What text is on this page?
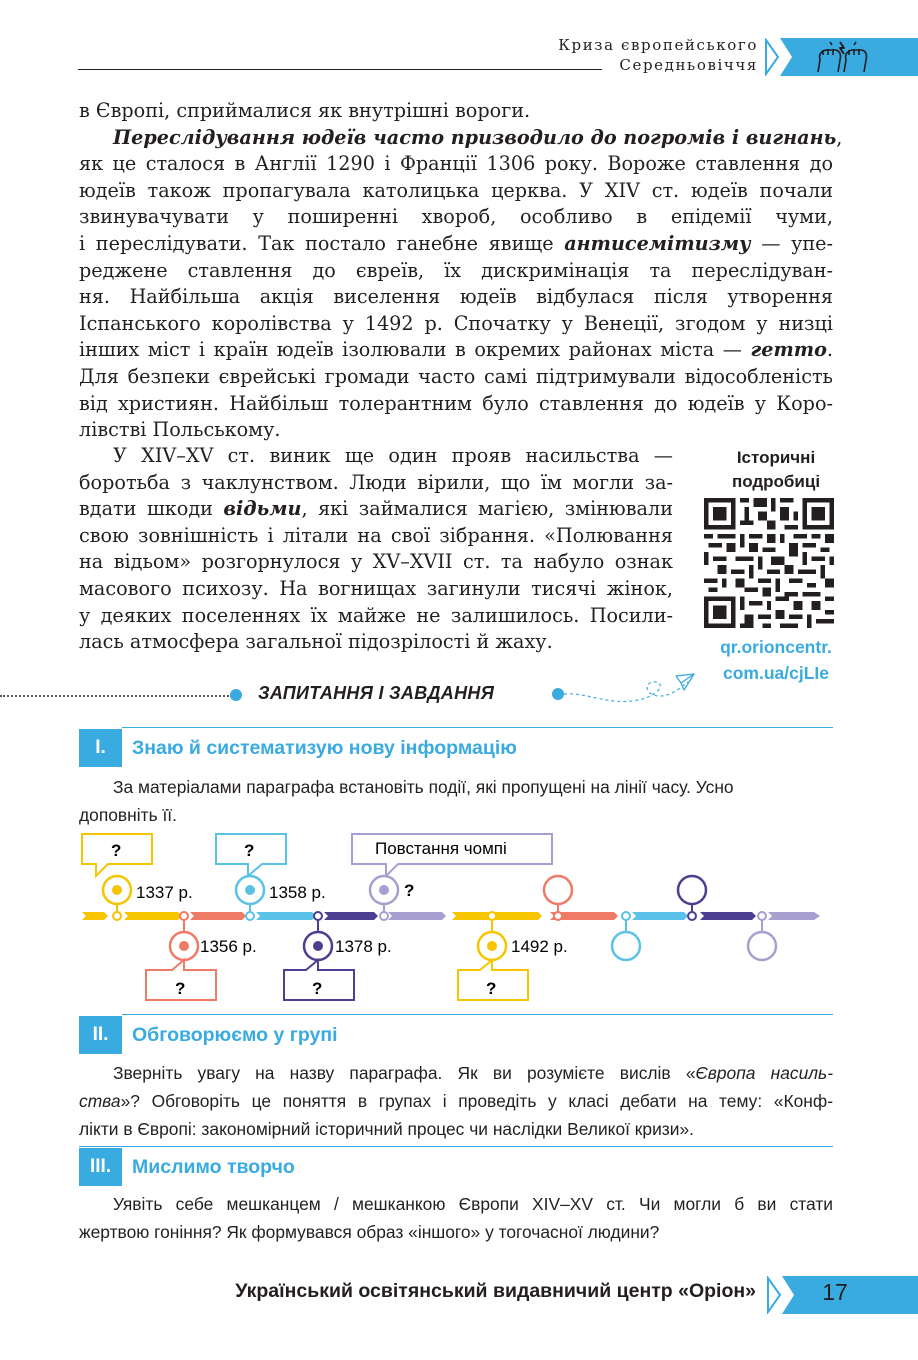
Криза європейського
Середньовіччя
в Європі, сприймалися як внутрішні вороги.
Переслідування юдеїв часто призводило до погромів і вигнань,
як це сталося в Англії 1290 і Франції 1306 року. Вороже ставлення до
юдеїв також пропагувала католицька церква. У XIV ст. юдеїв почали
звинувачувати у поширенні хвороб, особливо в епідемії чуми,
і переслідувати. Так постало ганебне явище антисемітизму — упе-
реджене ставлення до євреїв, їх дискримінація та переслідуван-
ня. Найбільша акція виселення юдеїв відбулася після утворення
Іспанського королівства у 1492 р. Спочатку у Венеції, згодом у низці
інших міст і країн юдеїв ізолювали в окремих районах міста — гетто.
Для безпеки єврейські громади часто самі підтримували відособленість
від християн. Найбільш толерантним було ставлення до юдеїв у Коро-
лівстві Польському.
У XIV–XV ст. виник ще один прояв насильства —
боротьба з чаклунством. Люди вірили, що їм могли за-
вдати шкоди відьми, які займалися магією, змінювали
свою зовнішність і літали на свої зібрання. «Полювання
на відьом» розгорнулося у XV–XVII ст. та набуло ознак
масового психозу. На вогнищах загинули тисячі жінок,
у деяких поселеннях їх майже не залишилось. Посили-
лась атмосфера загальної підозрілості й жаху.
Історичні
подробиці
qr.orioncentr.
com.ua/cjLIe
ЗАПИТАННЯ І ЗАВДАННЯ
I.	Знаю й систематизую нову інформацію
За матеріалами параграфа встановіть події, які пропущені на лінії часу. Усно
доповніть її.
?	?	Повстання чомпі
?
1337 р.	1358 р.
1356 р.	1378 р.	1492 р.
?	?	?
II.	Обговорюємо у групі
Зверніть увагу на назву параграфа. Як ви розумієте вислів «Європа насиль-
ства»? Обговоріть це поняття в групах і проведіть у класі дебати на тему: «Конф-
лікти в Європі: закономірний історичний процес чи наслідки Великої кризи».
III.	Мислимо творчо
Уявіть себе мешканцем / мешканкою Європи XIV–XV ст. Чи могли б ви стати
жертвою гоніння? Як формувався образ «іншого» у тогочасної людини?
Український освітянський видавничий центр «Оріон»	17
